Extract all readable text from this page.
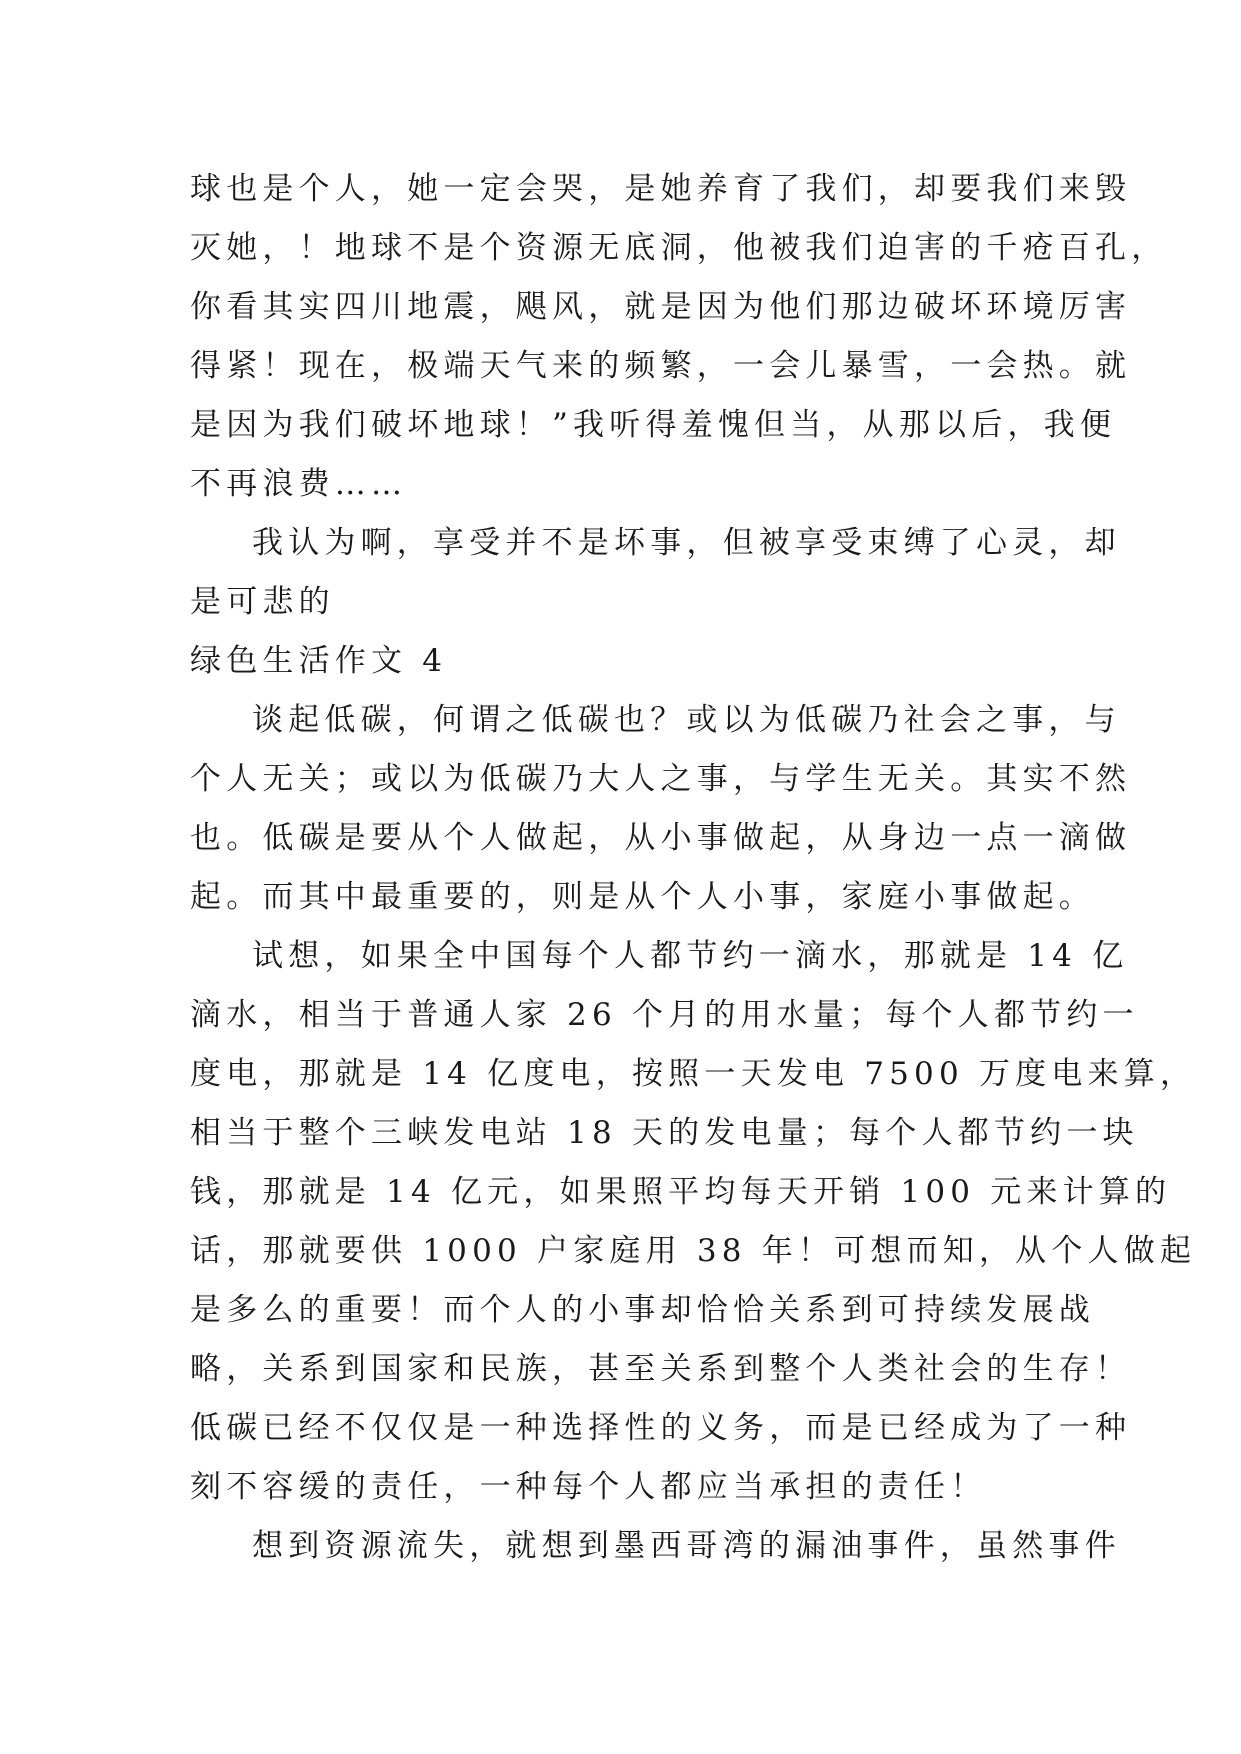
球也是个人，她一定会哭，是她养育了我们，却要我们来毁
灭她，！地球不是个资源无底洞，他被我们迫害的千疮百孔，
你看其实四川地震，飓风，就是因为他们那边破坏环境厉害
得紧！现在，极端天气来的频繁，一会儿暴雪，一会热。就
是因为我们破坏地球！”我听得羞愧但当，从那以后，我便
不再浪费……
我认为啊，享受并不是坏事，但被享受束缚了心灵，却
是可悲的
绿色生活作文 4
谈起低碳，何谓之低碳也？或以为低碳乃社会之事，与
个人无关；或以为低碳乃大人之事，与学生无关。其实不然
也。低碳是要从个人做起，从小事做起，从身边一点一滴做
起。而其中最重要的，则是从个人小事，家庭小事做起。
试想，如果全中国每个人都节约一滴水，那就是 14 亿
滴水，相当于普通人家 26 个月的用水量；每个人都节约一
度电，那就是 14 亿度电，按照一天发电 7500 万度电来算，
相当于整个三峡发电站 18 天的发电量；每个人都节约一块
钱，那就是 14 亿元，如果照平均每天开销 100 元来计算的
话，那就要供 1000 户家庭用 38 年！可想而知，从个人做起
是多么的重要！而个人的小事却恰恰关系到可持续发展战
略，关系到国家和民族，甚至关系到整个人类社会的生存！
低碳已经不仅仅是一种选择性的义务，而是已经成为了一种
刻不容缓的责任，一种每个人都应当承担的责任！
想到资源流失，就想到墨西哥湾的漏油事件，虽然事件
